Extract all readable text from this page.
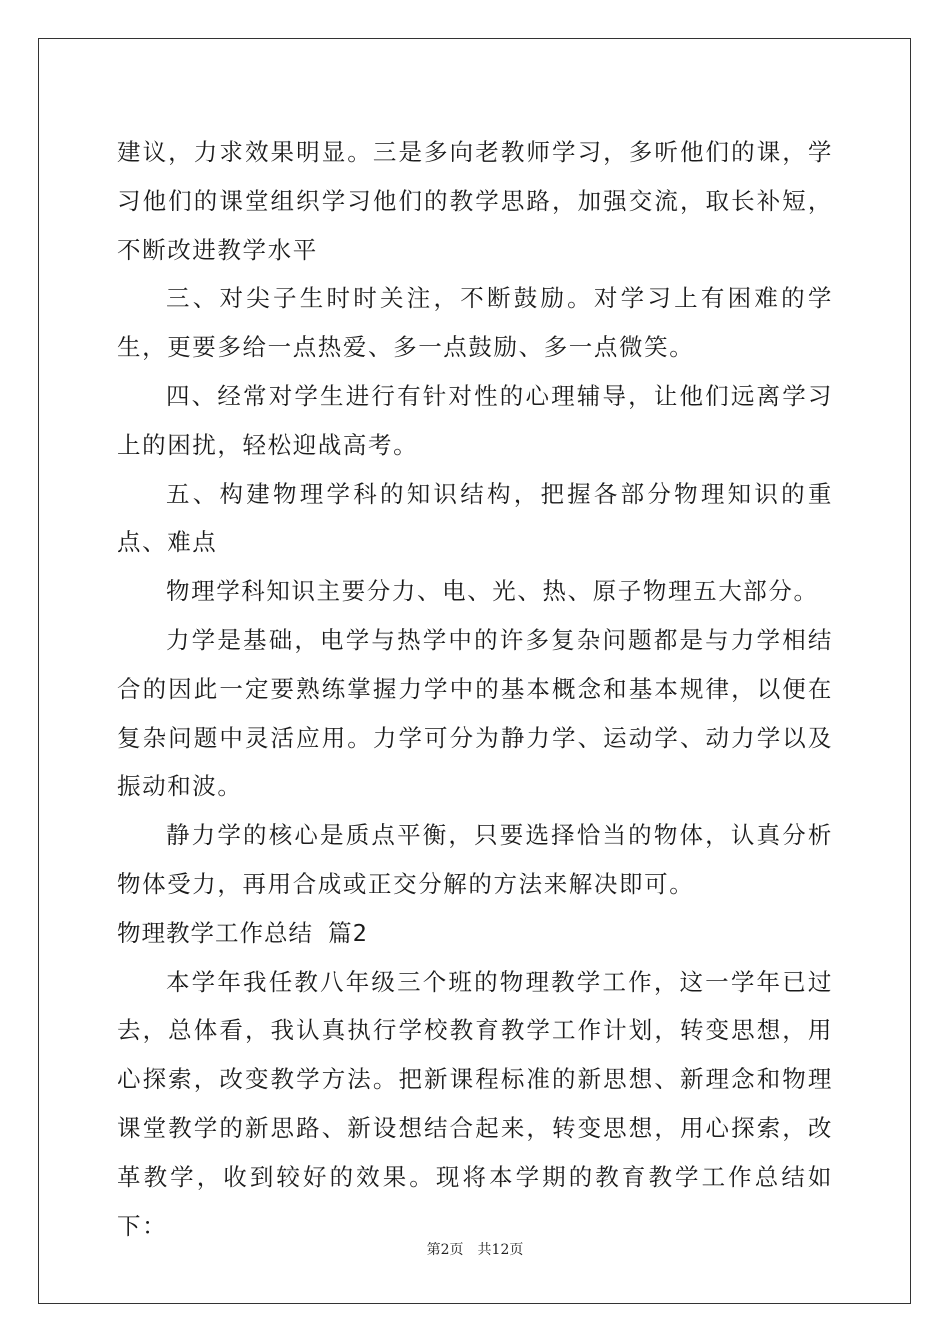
建议，力求效果明显。三是多向老教师学习，多听他们的课，学习他们的课堂组织学习他们的教学思路，加强交流，取长补短，不断改进教学水平

三、对尖子生时时关注，不断鼓励。对学习上有困难的学生，更要多给一点热爱、多一点鼓励、多一点微笑。

四、经常对学生进行有针对性的心理辅导，让他们远离学习上的困扰，轻松迎战高考。

五、构建物理学科的知识结构，把握各部分物理知识的重点、难点

物理学科知识主要分力、电、光、热、原子物理五大部分。

力学是基础，电学与热学中的许多复杂问题都是与力学相结合的因此一定要熟练掌握力学中的基本概念和基本规律，以便在复杂问题中灵活应用。力学可分为静力学、运动学、动力学以及振动和波。

静力学的核心是质点平衡，只要选择恰当的物体，认真分析物体受力，再用合成或正交分解的方法来解决即可。

物理教学工作总结 篇2

本学年我任教八年级三个班的物理教学工作，这一学年已过去，总体看，我认真执行学校教育教学工作计划，转变思想，用心探索，改变教学方法。把新课程标准的新思想、新理念和物理课堂教学的新思路、新设想结合起来，转变思想，用心探索，改革教学，收到较好的效果。现将本学期的教育教学工作总结如下：

第2页　共12页
